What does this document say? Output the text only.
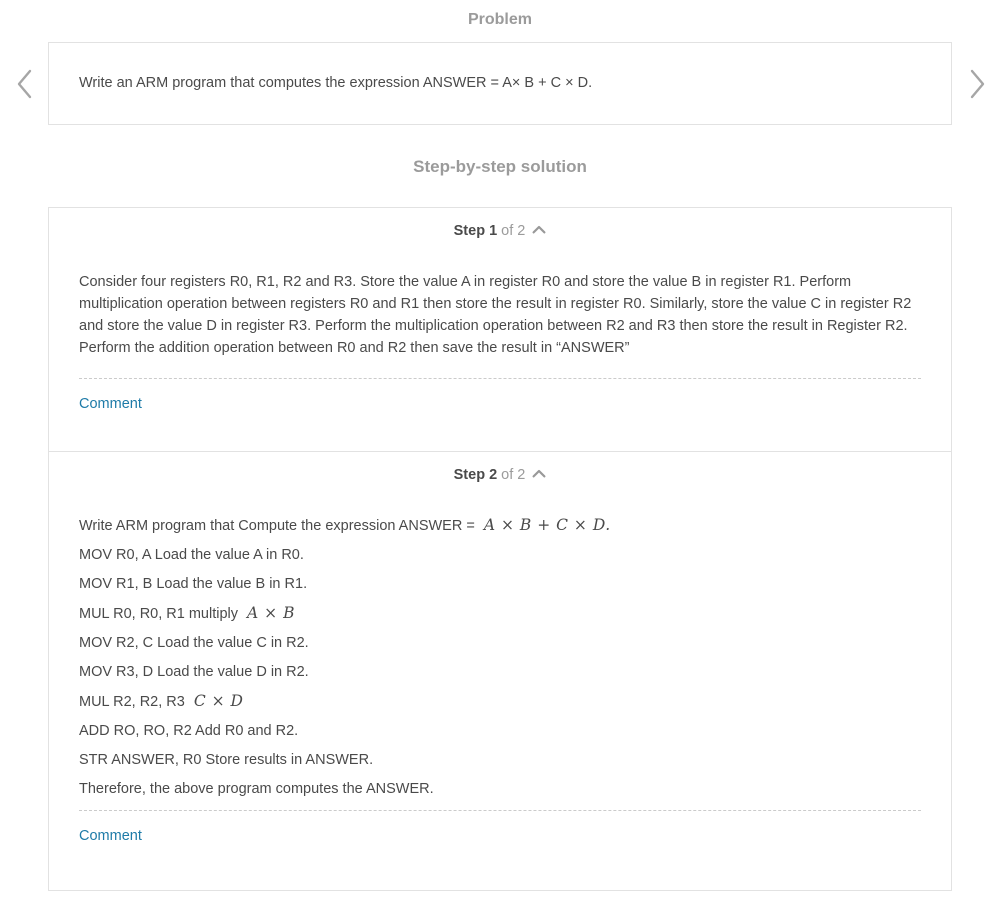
Problem
Write an ARM program that computes the expression ANSWER = A× B + C × D.
Step-by-step solution
Step 1 of 2

Consider four registers R0, R1, R2 and R3. Store the value A in register R0 and store the value B in register R1. Perform multiplication operation between registers R0 and R1 then store the result in register R0. Similarly, store the value C in register R2 and store the value D in register R3. Perform the multiplication operation between R2 and R3 then store the result in Register R2. Perform the addition operation between R0 and R2 then save the result in “ANSWER”

Comment
Step 2 of 2
Write ARM program that Compute the expression ANSWER = A × B + C × D.
MOV R0, A Load the value A in R0.
MOV R1, B Load the value B in R1.
MUL R0, R0, R1 multiply A × B
MOV R2, C Load the value C in R2.
MOV R3, D Load the value D in R2.
MUL R2, R2, R3 C × D
ADD RO, RO, R2 Add R0 and R2.
STR ANSWER, R0 Store results in ANSWER.
Therefore, the above program computes the ANSWER.
Comment
